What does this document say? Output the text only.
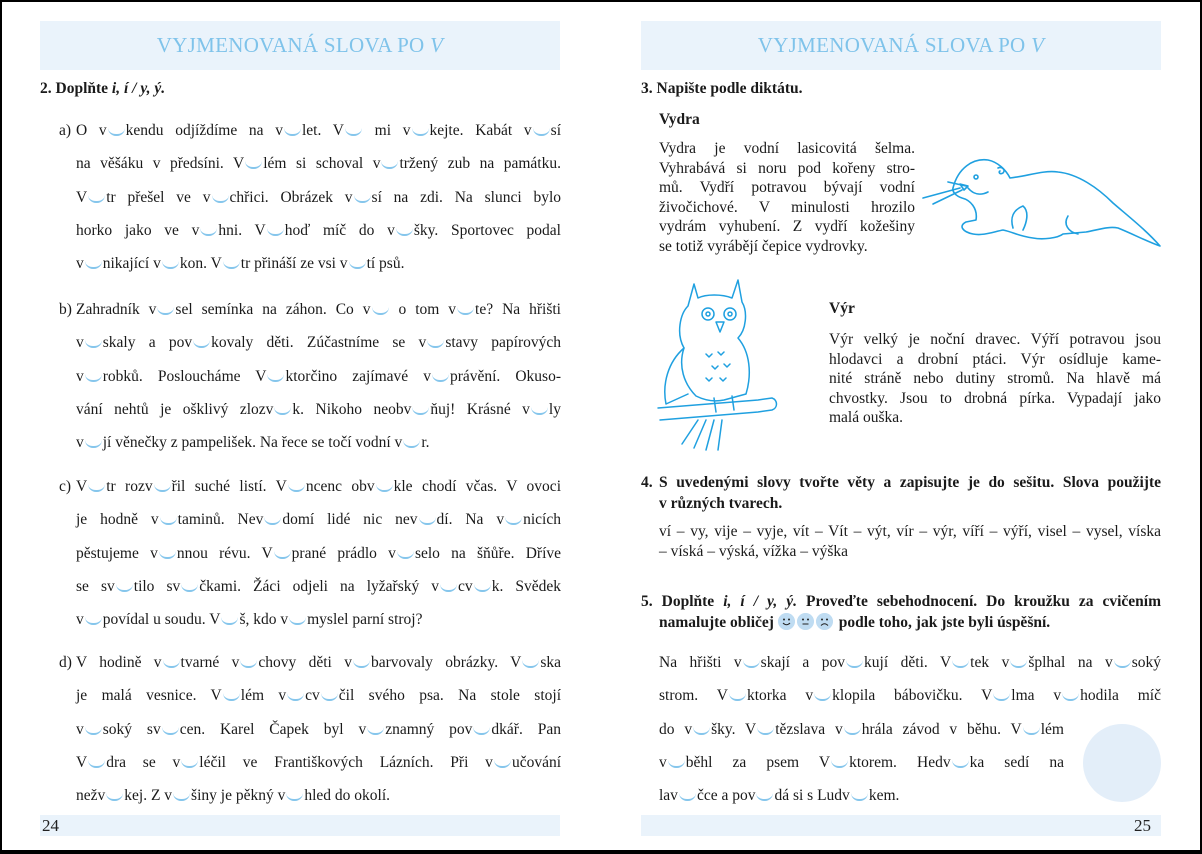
VYJMENOVANÁ SLOVA PO V
2. Doplňte i, í / y, ý.
a) O v kendu odjíždíme na v let. V mi v kejte. Kabát v sí
na věšáku v předsíni. V lém si schoval v tržený zub na památku.
V tr přešel ve v chřici. Obrázek v sí na zdi. Na slunci bylo
horko jako ve v hni. V hoď míč do v šky. Sportovec podal
v nikající v kon. V tr přináší ze vsi v tí psů.
b) Zahradník v sel semínka na záhon. Co v o tom v te? Na hřišti
v skaly a pov kovaly děti. Zúčastníme se v stavy papírových
v robků. Posloucháme V ktorčino zajímavé v právění. Okuso-
vání nehtů je ošklivý zlozv k. Nikoho neobv ňuj! Krásné v ly
v jí věnečky z pampelišek. Na řece se točí vodní v r.
c) V tr rozv řil suché listí. V ncenc obv kle chodí včas. V ovoci
je hodně v taminů. Nev domí lidé nic nev dí. Na v nicích
pěstujeme v nnou révu. V prané prádlo v selo na šňůře. Dříve
se sv tilo sv čkami. Žáci odjeli na lyžařský v cv k. Svědek
v povídal u soudu. V š, kdo v myslel parní stroj?
d) V hodině v tvarné v chovy děti v barvovaly obrázky. V ska
je malá vesnice. V lém v cv čil svého psa. Na stole stojí
v soký sv cen. Karel Čapek byl v znamný pov dkář. Pan
V dra se v léčil ve Františkových Lázních. Při v učování
nežv kej. Z v šiny je pěkný v hled do okolí.
24
VYJMENOVANÁ SLOVA PO V
3. Napište podle diktátu.
Vydra
Vydra je vodní lasicovitá šelma.
Vyhrabává si noru pod kořeny stro-
mů. Vydří potravou bývají vodní
živočichové. V minulosti hrozilo
vydrám vyhubení. Z vydří kožešiny
se totiž vyrábějí čepice vydrovky.
Výr
Výr velký je noční dravec. Výří potravou jsou
hlodavci a drobní ptáci. Výr osídluje kame-
nité stráně nebo dutiny stromů. Na hlavě má
chvostky. Jsou to drobná pírka. Vypadají jako
malá ouška.
4. S uvedenými slovy tvořte věty a zapisujte je do sešitu. Slova použijte
v různých tvarech.
ví – vy, vije – vyje, vít – Vít – výt, vír – výr, víří – výří, visel – vysel, víska
– víská – výská, vížka – výška
5. Doplňte i, í / y, ý. Proveďte sebehodnocení. Do kroužku za cvičením
namalujte obličej	podle toho, jak jste byli úspěšní.
Na hřišti v skají a pov kují děti. V tek v šplhal na v soký
strom. V ktorka v klopila bábovičku. V lma v hodila míč
do v šky. V tězslava v hrála závod v běhu. V lém
v běhl za psem V ktorem. Hedv ka sedí na
lav čce a pov dá si s Ludv kem.
25
